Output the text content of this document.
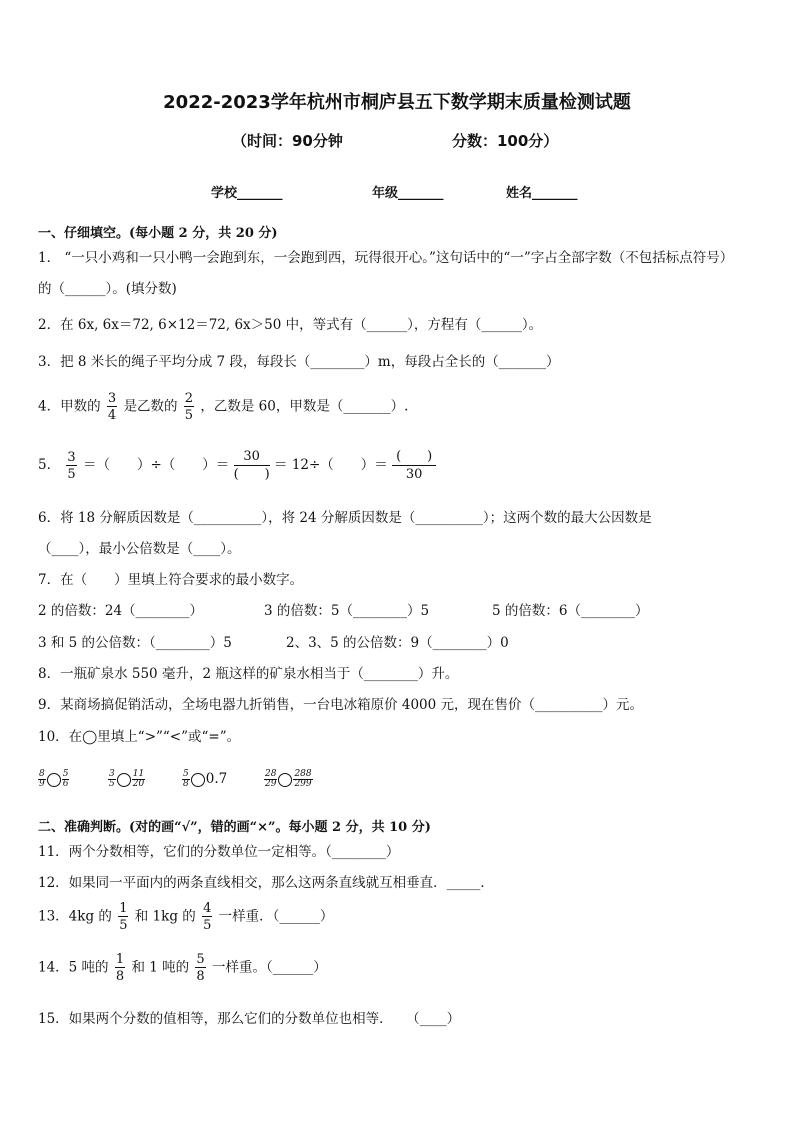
2022-2023学年杭州市桐庐县五下数学期末质量检测试题
（时间：90分钟	分数：100分）
学校_______	年级_______	姓名_______
一、仔细填空。(每小题 2 分，共 20 分)
1． “一只小鸡和一只小鸭一会跑到东，一会跑到西，玩得很开心。”这句话中的“一”字占全部字数（不包括标点符号）
的（______）。(填分数)
2．在 6x, 6x＝72, 6×12＝72, 6x＞50 中，等式有（______），方程有（______）。
3．把 8 米长的绳子平均分成 7 段，每段长（________）m，每段占全长的（_______）
4．甲数的 $\frac{3}{4}$ 是乙数的 $\frac{2}{5}$ ，乙数是 60，甲数是（_______）.
5． $\frac{3}{5}$ ＝（　　）÷（　　）＝
30
(　　)
＝ 12÷（　　）＝
(　　)
30
6．将 18 分解质因数是（__________），将 24 分解质因数是（__________）；这两个数的最大公因数是
（____），最小公倍数是（____）。
7．在（　　）里填上符合要求的最小数字。
2 的倍数：24（________）	3 的倍数：5（________）5	5 的倍数：6（________）
3 和 5 的公倍数：（________）5	2、3、5 的公倍数：9（________）0
8．一瓶矿泉水 550 毫升，2 瓶这样的矿泉水相当于（________）升。
9．某商场搞促销活动，全场电器九折销售，一台电冰箱原价 4000 元，现在售价（__________）元。
10．在◯里填上“>”“<”或“=”。
$\frac{8}{9} \frac{5}{6}$	$\frac{3}{5} \frac{11}{20}$	$\frac{5}{8} 0.7$	$\frac{28}{29} \frac{288}{299}$
二、准确判断。(对的画“√”，错的画“×”。每小题 2 分，共 10 分)
11．两个分数相等，它们的分数单位一定相等。（________）
12．如果同一平面内的两条直线相交，那么这两条直线就互相垂直．_____．
13．4kg 的 $\frac{1}{5}$ 和 1kg 的 $\frac{4}{5}$ 一样重．（______）
14．5 吨的 $\frac{1}{8}$ 和 1 吨的 $\frac{5}{8}$ 一样重。（______）
15．如果两个分数的值相等，那么它们的分数单位也相等．　　（____）
